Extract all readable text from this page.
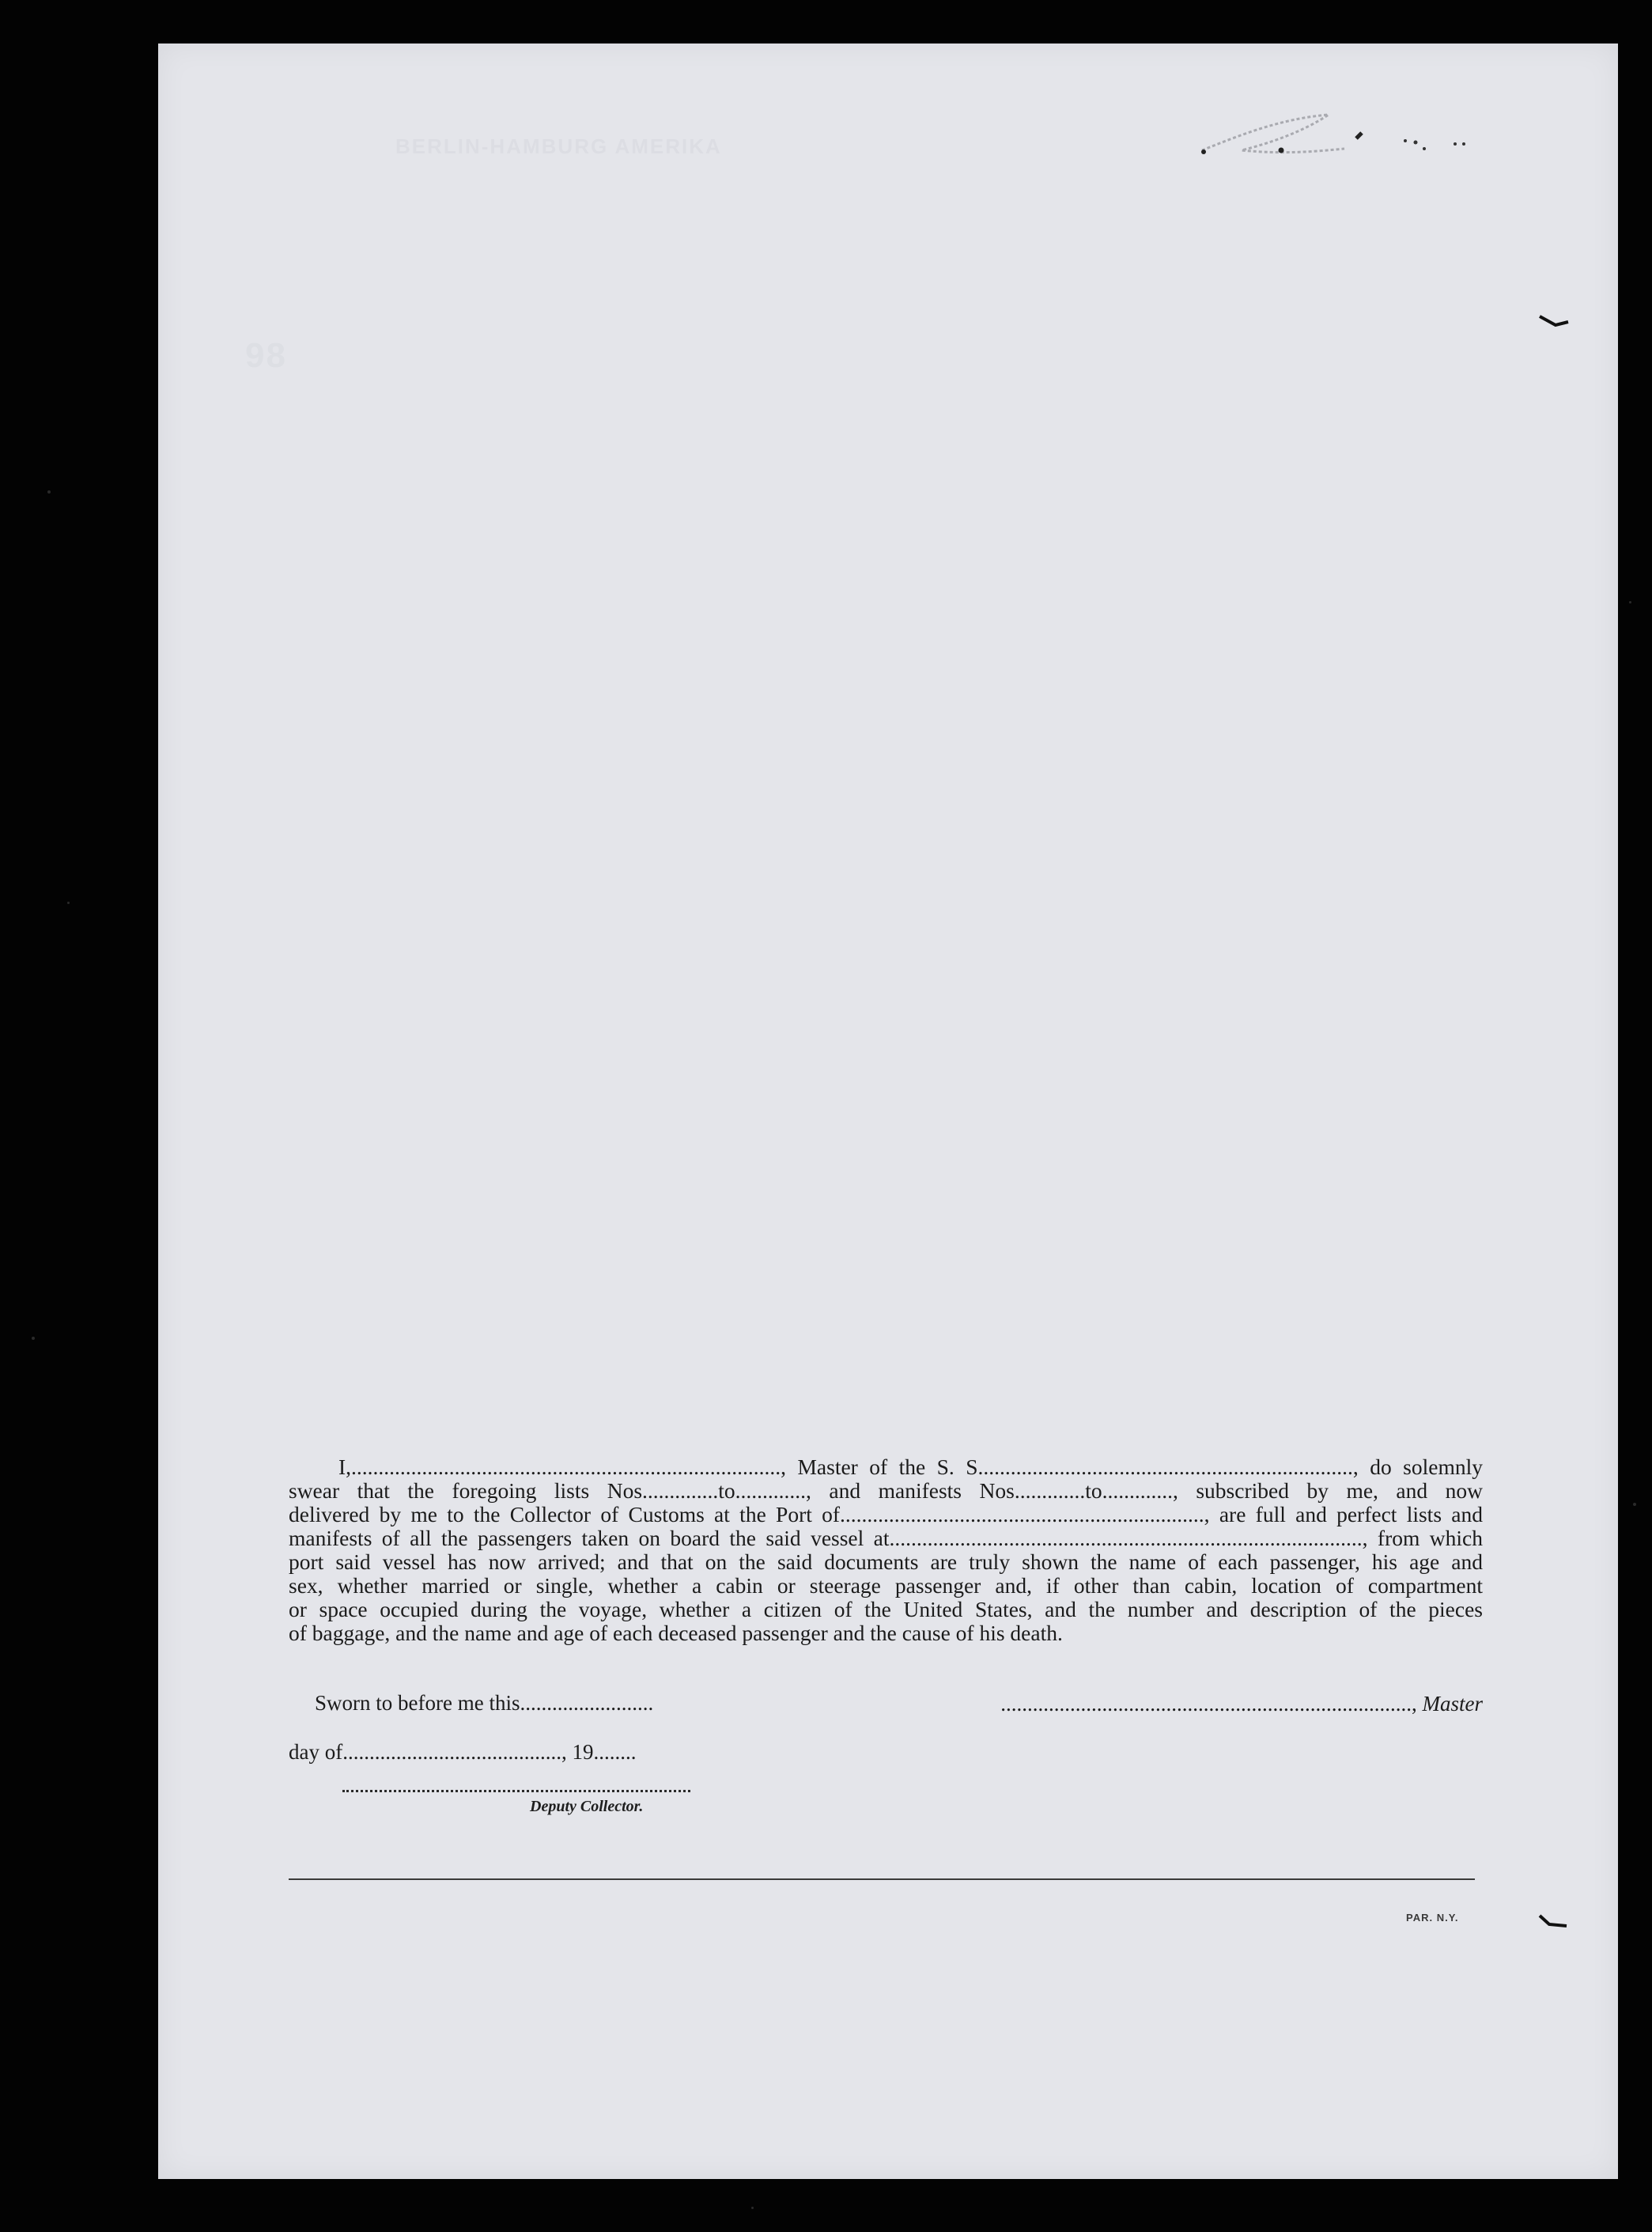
BERLIN-HAMBURG AMERIKA
98
I,..............................................................................., Master of the S. S....................................................................., do solemnly
swear that the foregoing lists Nos..............to............., and manifests Nos.............to............., subscribed by me, and now
delivered by me to the Collector of Customs at the Port of..................................................................., are full and perfect lists and
manifests of all the passengers taken on board the said vessel at......................................................................................., from which
port said vessel has now arrived; and that on the said documents are truly shown the name of each passenger, his age and
sex, whether married or single, whether a cabin or steerage passenger and, if other than cabin, location of compartment
or space occupied during the voyage, whether a citizen of the United States, and the number and description of the pieces
of baggage, and the name and age of each deceased passenger and the cause of his death.
Sworn to before me this.........................	............................................................................., Master
day of........................................., 19........
Deputy Collector.
PAR. N.Y.
